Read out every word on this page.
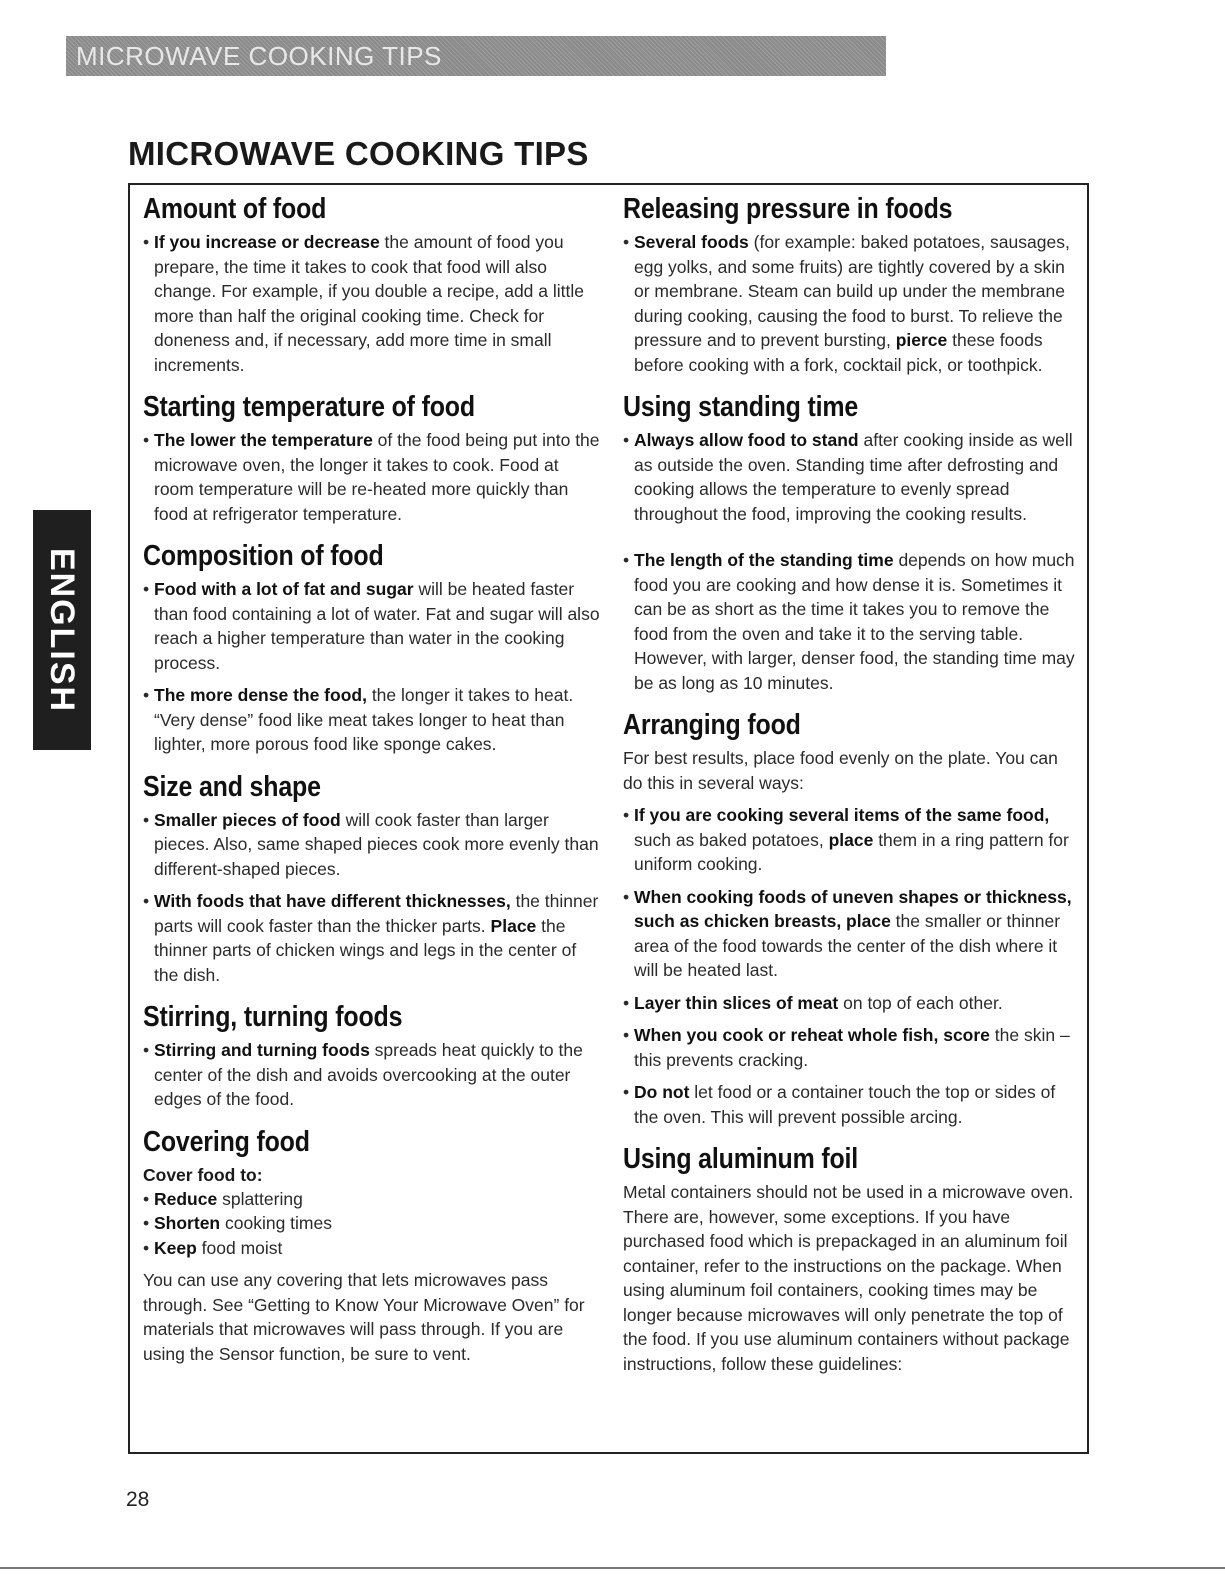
MICROWAVE COOKING TIPS
MICROWAVE COOKING TIPS
ENGLISH
Amount of food

• If you increase or decrease the amount of food you prepare, the time it takes to cook that food will also change. For example, if you double a recipe, add a little more than half the original cooking time. Check for doneness and, if necessary, add more time in small increments.

Starting temperature of food

• The lower the temperature of the food being put into the microwave oven, the longer it takes to cook. Food at room temperature will be re-heated more quickly than food at refrigerator temperature.

Composition of food

• Food with a lot of fat and sugar will be heated faster than food containing a lot of water. Fat and sugar will also reach a higher temperature than water in the cooking process.

• The more dense the food, the longer it takes to heat. “Very dense” food like meat takes longer to heat than lighter, more porous food like sponge cakes.

Size and shape

• Smaller pieces of food will cook faster than larger pieces. Also, same shaped pieces cook more evenly than different-shaped pieces.

• With foods that have different thicknesses, the thinner parts will cook faster than the thicker parts. Place the thinner parts of chicken wings and legs in the center of the dish.

Stirring, turning foods

• Stirring and turning foods spreads heat quickly to the center of the dish and avoids overcooking at the outer edges of the food.

Covering food

Cover food to:

• Reduce splattering

• Shorten cooking times

• Keep food moist

You can use any covering that lets microwaves pass through. See “Getting to Know Your Microwave Oven” for materials that microwaves will pass through. If you are using the Sensor function, be sure to vent.

Releasing pressure in foods

• Several foods (for example: baked potatoes, sausages, egg yolks, and some fruits) are tightly covered by a skin or membrane. Steam can build up under the membrane during cooking, causing the food to burst. To relieve the pressure and to prevent bursting, pierce these foods before cooking with a fork, cocktail pick, or toothpick.

Using standing time

• Always allow food to stand after cooking inside as well as outside the oven. Standing time after defrosting and cooking allows the temperature to evenly spread throughout the food, improving the cooking results.

• The length of the standing time depends on how much food you are cooking and how dense it is. Sometimes it can be as short as the time it takes you to remove the food from the oven and take it to the serving table. However, with larger, denser food, the standing time may be as long as 10 minutes.

Arranging food

For best results, place food evenly on the plate. You can do this in several ways:

• If you are cooking several items of the same food, such as baked potatoes, place them in a ring pattern for uniform cooking.

• When cooking foods of uneven shapes or thickness, such as chicken breasts, place the smaller or thinner area of the food towards the center of the dish where it will be heated last.

• Layer thin slices of meat on top of each other.

• When you cook or reheat whole fish, score the skin – this prevents cracking.

• Do not let food or a container touch the top or sides of the oven. This will prevent possible arcing.

Using aluminum foil

Metal containers should not be used in a microwave oven. There are, however, some exceptions. If you have purchased food which is prepackaged in an aluminum foil container, refer to the instructions on the package. When using aluminum foil containers, cooking times may be longer because microwaves will only penetrate the top of the food. If you use aluminum containers without package instructions, follow these guidelines:

28
